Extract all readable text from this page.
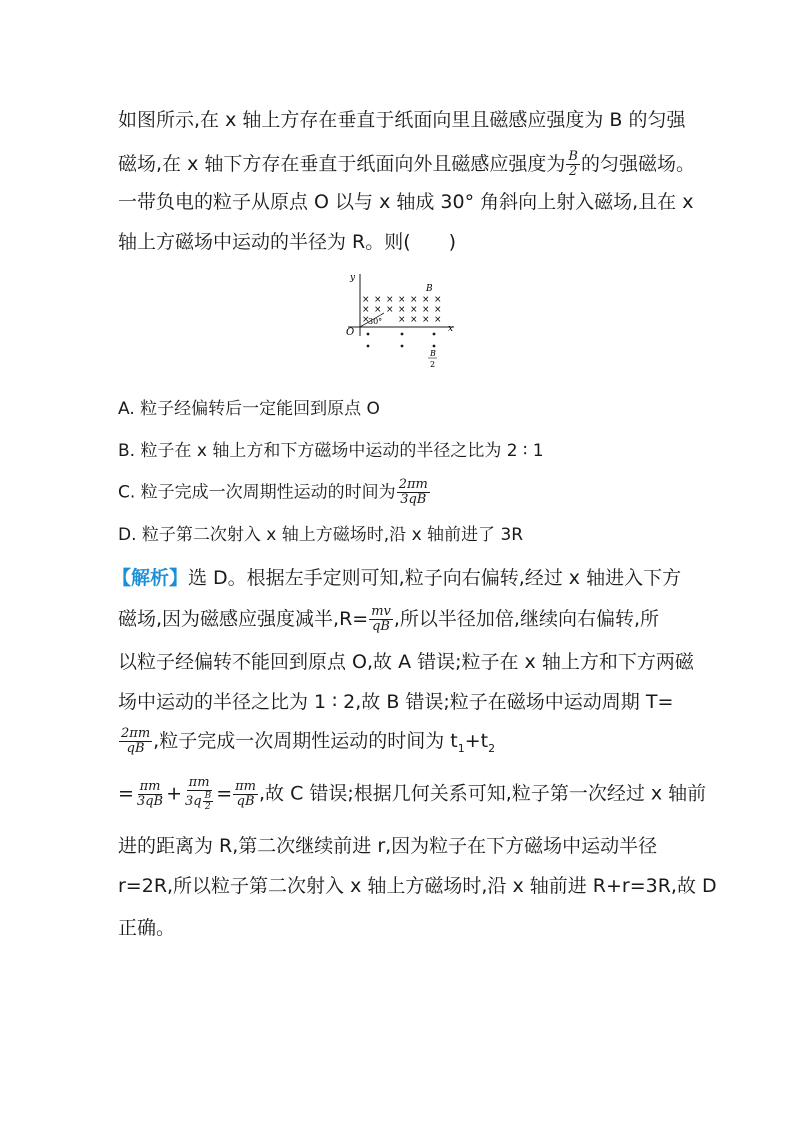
如图所示,在 x 轴上方存在垂直于纸面向里且磁感应强度为 B 的匀强
磁场,在 x 轴下方存在垂直于纸面向外且磁感应强度为 $\frac{B}{2}$ 的匀强磁场。
一带负电的粒子从原点 O 以与 x 轴成 30° 角斜向上射入磁场,且在 x
轴上方磁场中运动的半径为 R。则(　　)
y
x
O
B
× × × × × × ×
× × × × × × ×
×	× × × ×
30°
B
2
A. 粒子经偏转后一定能回到原点 O
B. 粒子在 x 轴上方和下方磁场中运动的半径之比为 2 ∶ 1
C. 粒子完成一次周期性运动的时间为 $\frac{2\pi m}{3qB}$
D. 粒子第二次射入 x 轴上方磁场时,沿 x 轴前进了 3R
【解析】选 D。根据左手定则可知,粒子向右偏转,经过 x 轴进入下方
磁场,因为磁感应强度减半$,R= \frac{mv}{qB}$ ,所以半径加倍,继续向右偏转,所
以粒子经偏转不能回到原点 O,故 A 错误;粒子在 x 轴上方和下方两磁
场中运动的半径之比为 1 ∶ 2,故 B 错误;粒子在磁场中运动周期 T=
$\frac{2\pi m}{qB}$ ,粒子完成一次周期性运动的时间为 $t_1+t_2$
= $\frac{\pi m}{3qB} + \frac{\pi m}{3q \frac{B}{2}} = \frac{\pi m}{qB}$ ,故 C 错误;根据几何关系可知,粒子第一次经过 x 轴前
进的距离为 R,第二次继续前进 r,因为粒子在下方磁场中运动半径
r=2R,所以粒子第二次射入 x 轴上方磁场时,沿 x 轴前进 R+r=3R,故 D
正确。
